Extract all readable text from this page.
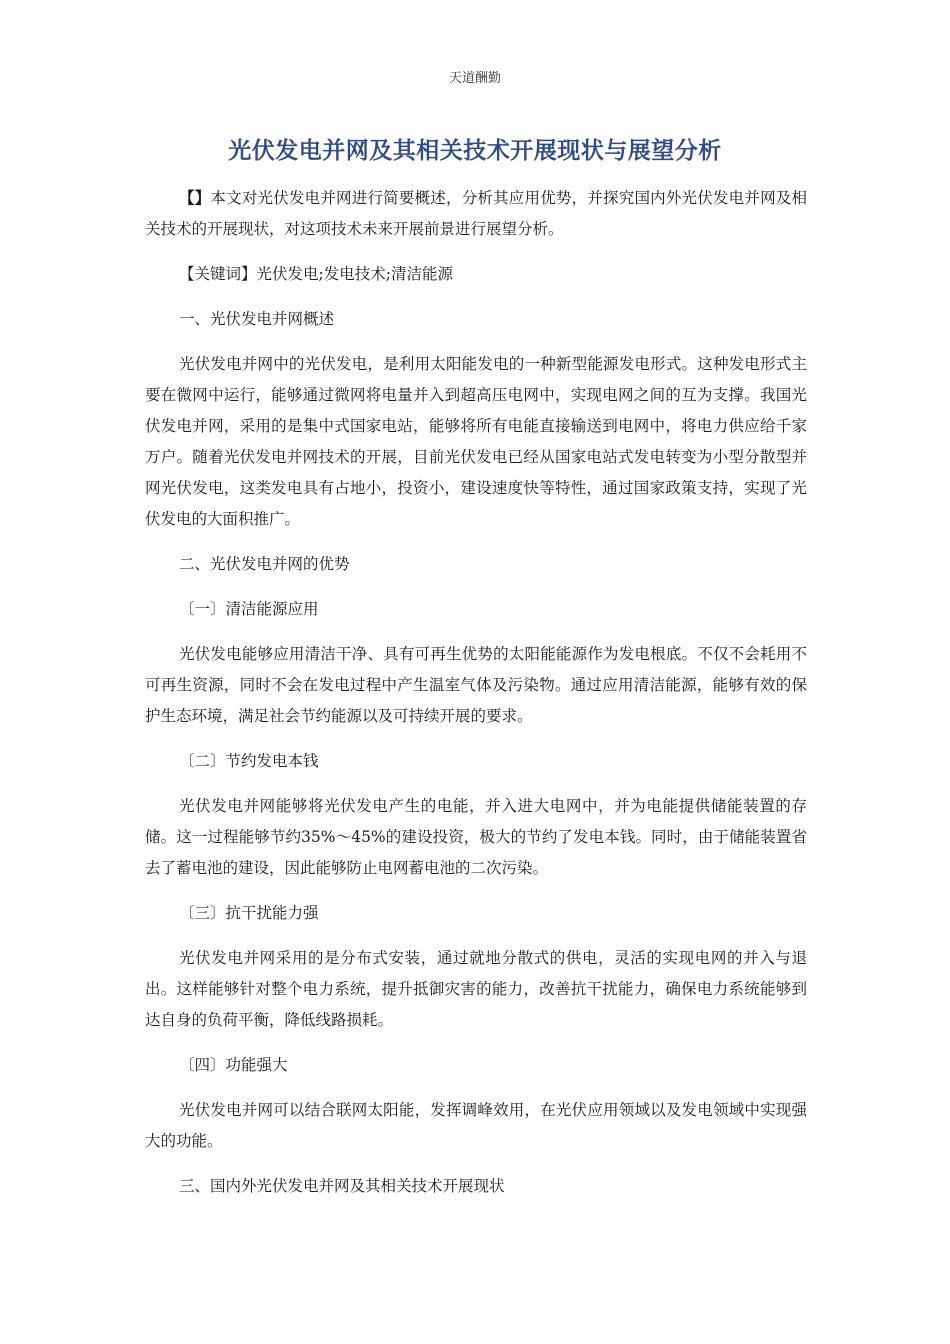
天道酬勤
光伏发电并网及其相关技术开展现状与展望分析

【】本文对光伏发电并网进行简要概述，分析其应用优势，并探究国内外光伏发电并网及相关技术的开展现状，对这项技术未来开展前景进行展望分析。

【关键词】光伏发电;发电技术;清洁能源

一、光伏发电并网概述

光伏发电并网中的光伏发电，是利用太阳能发电的一种新型能源发电形式。这种发电形式主要在微网中运行，能够通过微网将电量并入到超高压电网中，实现电网之间的互为支撑。我国光伏发电并网，采用的是集中式国家电站，能够将所有电能直接输送到电网中，将电力供应给千家万户。随着光伏发电并网技术的开展，目前光伏发电已经从国家电站式发电转变为小型分散型并网光伏发电，这类发电具有占地小，投资小，建设速度快等特性，通过国家政策支持，实现了光伏发电的大面积推广。

二、光伏发电并网的优势

〔一〕清洁能源应用

光伏发电能够应用清洁干净、具有可再生优势的太阳能能源作为发电根底。不仅不会耗用不可再生资源，同时不会在发电过程中产生温室气体及污染物。通过应用清洁能源，能够有效的保护生态环境，满足社会节约能源以及可持续开展的要求。

〔二〕节约发电本钱

光伏发电并网能够将光伏发电产生的电能，并入进大电网中，并为电能提供储能装置的存储。这一过程能够节约35%～45%的建设投资，极大的节约了发电本钱。同时，由于储能装置省去了蓄电池的建设，因此能够防止电网蓄电池的二次污染。

〔三〕抗干扰能力强

光伏发电并网采用的是分布式安装，通过就地分散式的供电，灵活的实现电网的并入与退出。这样能够针对整个电力系统，提升抵御灾害的能力，改善抗干扰能力，确保电力系统能够到达自身的负荷平衡，降低线路损耗。

〔四〕功能强大

光伏发电并网可以结合联网太阳能，发挥调峰效用，在光伏应用领域以及发电领域中实现强大的功能。

三、国内外光伏发电并网及其相关技术开展现状
